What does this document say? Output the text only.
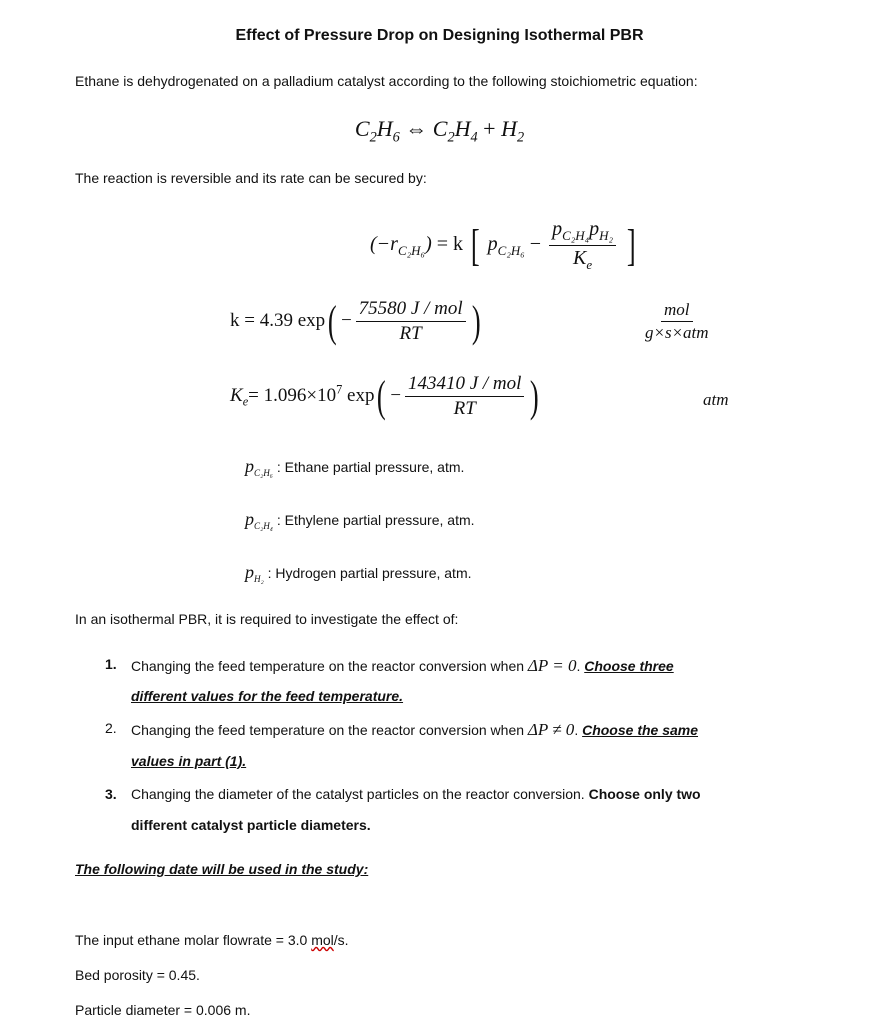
Effect of Pressure Drop on Designing Isothermal PBR
Ethane is dehydrogenated on a palladium catalyst according to the following stoichiometric equation:
$C_2H_6$ ⇔ $C_2H_4 + H_2$
The reaction is reversible and its rate can be secured by:
$(-r_{C_2H_6}) = k$ [ $p_{C_2H_6} - \frac{p_{C_2H_4}p_{H_2}}{K_e}$ ]
k = 4.39 $\exp( - \frac{\text{75580 J / mol}}{RT}$ )	mol
g×s×atm
$K_e= 1.096\times 10^7$ $\exp( - \frac{\text{143410 J / mol}}{RT}$ )	atm
$p_{C_2H_6}$ : Ethane partial pressure, atm.
$p_{C_2H_4}$ : Ethylene partial pressure, atm.
$p_{H_2}$ : Hydrogen partial pressure, atm.
In an isothermal PBR, it is required to investigate the effect of:
1. Changing the feed temperature on the reactor conversion when ΔP = 0. Choose three
different values for the feed temperature.
2. Changing the feed temperature on the reactor conversion when ΔP ≠ 0. Choose the same
values in part (1).
3. Changing the diameter of the catalyst particles on the reactor conversion. Choose only two
different catalyst particle diameters.
The following date will be used in the study:
The input ethane molar flowrate = 3.0 mol/s.
Bed porosity = 0.45.
Particle diameter = 0.006 m.
